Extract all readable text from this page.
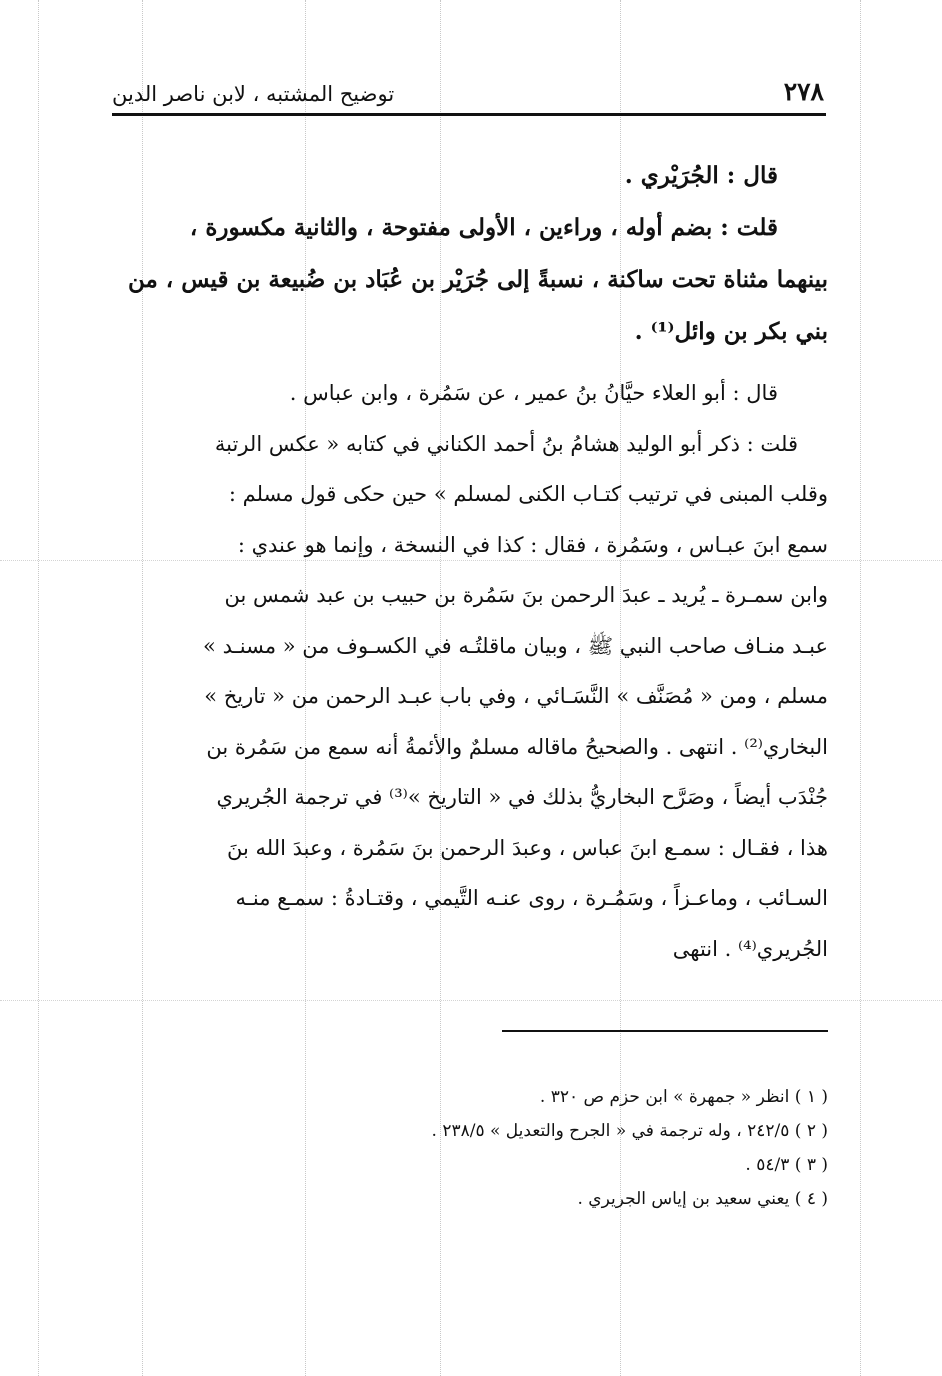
٢٧٨
توضيح المشتبه ، لابن ناصر الدين
قال : الجُرَيْري .
قلت : بضم أوله ، وراءين ، الأولى مفتوحة ، والثانية مكسورة ،
بينهما مثناة تحت ساكنة ، نسبةً إلى جُرَيْر بن عُبَاد بن ضُبيعة بن قيس ، من
بني بكر بن وائل⁽¹⁾ .
قال : أبو العلاء حيَّانُ بنُ عمير ، عن سَمُرة ، وابن عباس .
قلت : ذكر أبو الوليد هشامُ بنُ أحمد الكناني في كتابه « عكس الرتبة
وقلب المبنى في ترتيب كتـاب الكنى لمسلم » حين حكى قول مسلم :
سمع ابنَ عبـاس ، وسَمُرة ، فقال : كذا في النسخة ، وإنما هو عندي :
وابن سمـرة ـ يُريد ـ عبدَ الرحمن بنَ سَمُرة بن حبيب بن عبد شمس بن
عبـد منـاف صاحب النبي ﷺ ، وبيان ماقلتُـه في الكسـوف من « مسنـد »
مسلم ، ومن « مُصَنَّف » النَّسَـائي ، وفي باب عبـد الرحمن من « تاريخ »
البخاري⁽²⁾ . انتهى . والصحيحُ ماقاله مسلمٌ والأئمةُ أنه سمع من سَمُرة بن
جُنْدَب أيضاً ، وصَرَّح البخاريُّ بذلك في « التاريخ »⁽³⁾ في ترجمة الجُريري
هذا ، فقـال : سمـع ابنَ عباس ، وعبدَ الرحمن بنَ سَمُرة ، وعبدَ الله بنَ
السـائب ، وماعـزاً ، وسَمُـرة ، روى عنـه التَّيمي ، وقتـادةُ : سمـع منـه
الجُريري⁽⁴⁾ . انتهى

( ١ ) انظر « جمهرة » ابن حزم ص ٣٢٠ .

( ٢ ) ٢٤٢/٥ ، وله ترجمة في « الجرح والتعديل » ٢٣٨/٥ .

( ٣ ) ٥٤/٣ .

( ٤ ) يعني سعيد بن إياس الجريري .
